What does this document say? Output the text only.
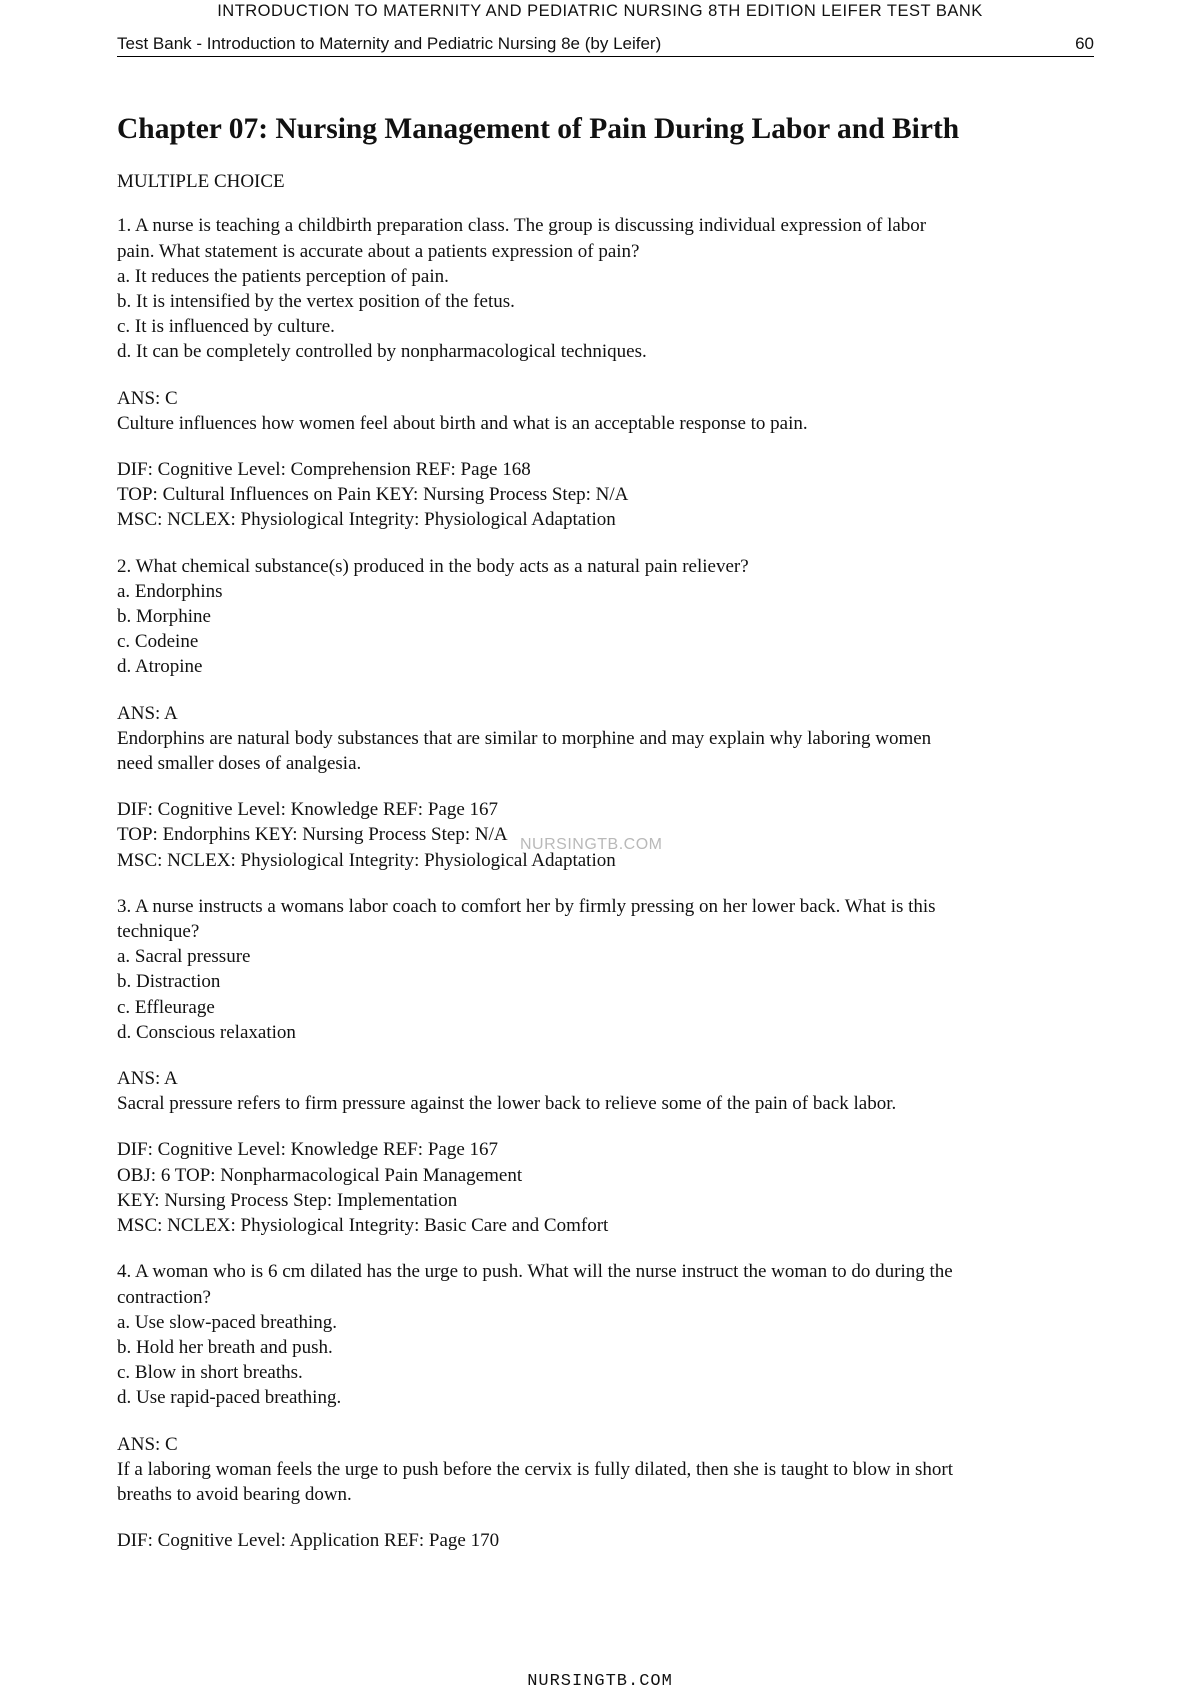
INTRODUCTION TO MATERNITY AND PEDIATRIC NURSING 8TH EDITION LEIFER TEST BANK
Test Bank - Introduction to Maternity and Pediatric Nursing 8e (by Leifer)	60
Chapter 07: Nursing Management of Pain During Labor and Birth
MULTIPLE CHOICE
1. A nurse is teaching a childbirth preparation class. The group is discussing individual expression of labor
pain. What statement is accurate about a patients expression of pain?
a. It reduces the patients perception of pain.
b. It is intensified by the vertex position of the fetus.
c. It is influenced by culture.
d. It can be completely controlled by nonpharmacological techniques.
ANS: C
Culture influences how women feel about birth and what is an acceptable response to pain.
DIF: Cognitive Level: Comprehension REF: Page 168
TOP: Cultural Influences on Pain KEY: Nursing Process Step: N/A
MSC: NCLEX: Physiological Integrity: Physiological Adaptation
2. What chemical substance(s) produced in the body acts as a natural pain reliever?
a. Endorphins
b. Morphine
c. Codeine
d. Atropine
ANS: A
Endorphins are natural body substances that are similar to morphine and may explain why laboring women
need smaller doses of analgesia.
DIF: Cognitive Level: Knowledge REF: Page 167
TOP: Endorphins KEY: Nursing Process Step: N/A
MSC: NCLEX: Physiological Integrity: Physiological Adaptation
3. A nurse instructs a womans labor coach to comfort her by firmly pressing on her lower back. What is this
technique?
a. Sacral pressure
b. Distraction
c. Effleurage
d. Conscious relaxation
ANS: A
Sacral pressure refers to firm pressure against the lower back to relieve some of the pain of back labor.
DIF: Cognitive Level: Knowledge REF: Page 167
OBJ: 6 TOP: Nonpharmacological Pain Management
KEY: Nursing Process Step: Implementation
MSC: NCLEX: Physiological Integrity: Basic Care and Comfort
4. A woman who is 6 cm dilated has the urge to push. What will the nurse instruct the woman to do during the
contraction?
a. Use slow-paced breathing.
b. Hold her breath and push.
c. Blow in short breaths.
d. Use rapid-paced breathing.
ANS: C
If a laboring woman feels the urge to push before the cervix is fully dilated, then she is taught to blow in short
breaths to avoid bearing down.
DIF: Cognitive Level: Application REF: Page 170
NURSINGTB.COM
NURSINGTB.COM
